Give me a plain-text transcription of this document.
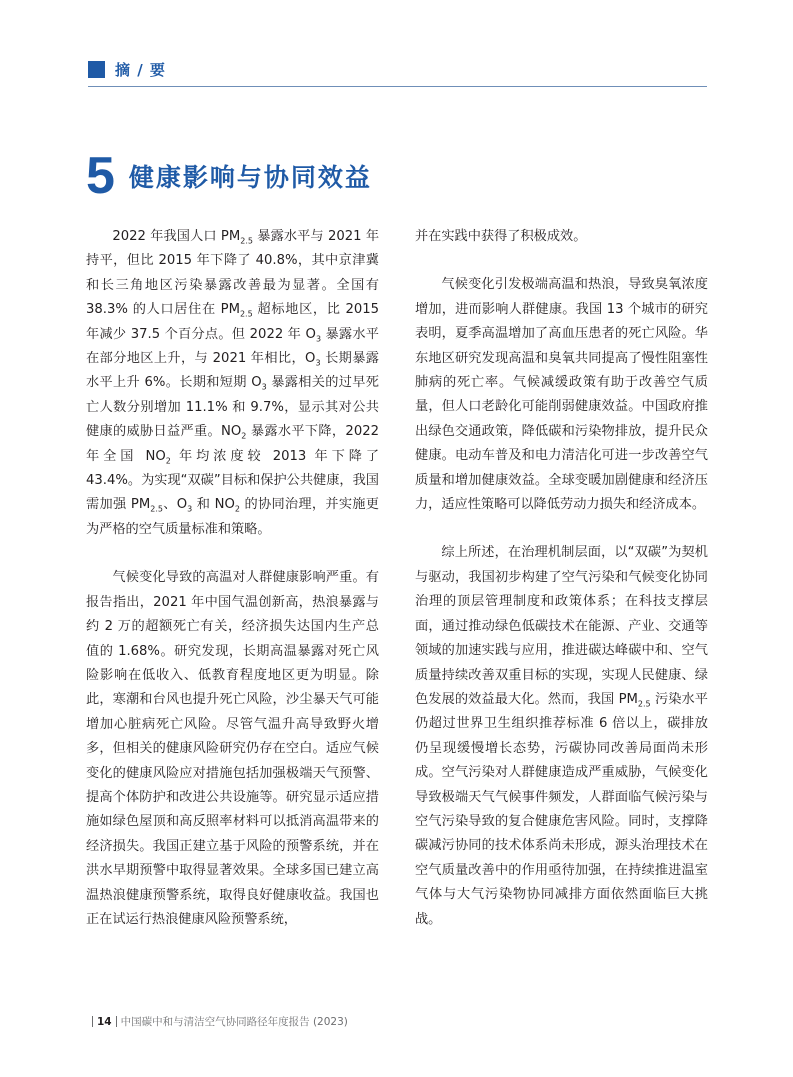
摘 / 要
5 健康影响与协同效益

2022 年我国人口 $PM_{2.5}$ 暴露水平与 2021 年持平，但比 2015 年下降了 40.8%，其中京津冀和长三角地区污染暴露改善最为显著。全国有 38.3% 的人口居住在 $PM_{2.5}$ 超标地区，比 2015 年减少 37.5 个百分点。但 2022 年 $O_3$ 暴露水平在部分地区上升，与 2021 年相比，$O_3$ 长期暴露水平上升 6%。长期和短期 $O_3$ 暴露相关的过早死亡人数分别增加 11.1% 和 9.7%，显示其对公共健康的威胁日益严重。$NO_2$ 暴露水平下降，2022 年全国 $NO_2$ 年均浓度较 2013 年下降了 43.4%。为实现“双碳”目标和保护公共健康，我国需加强 $PM_{2.5}$、$O_3$ 和 $NO_2$ 的协同治理，并实施更为严格的空气质量标准和策略。

气候变化导致的高温对人群健康影响严重。有报告指出，2021 年中国气温创新高，热浪暴露与约 2 万的超额死亡有关，经济损失达国内生产总值的 1.68%。研究发现，长期高温暴露对死亡风险影响在低收入、低教育程度地区更为明显。除此，寒潮和台风也提升死亡风险，沙尘暴天气可能增加心脏病死亡风险。尽管气温升高导致野火增多，但相关的健康风险研究仍存在空白。适应气候变化的健康风险应对措施包括加强极端天气预警、提高个体防护和改进公共设施等。研究显示适应措施如绿色屋顶和高反照率材料可以抵消高温带来的经济损失。我国正建立基于风险的预警系统，并在洪水早期预警中取得显著效果。全球多国已建立高温热浪健康预警系统，取得良好健康收益。我国也正在试运行热浪健康风险预警系统，

并在实践中获得了积极成效。

气候变化引发极端高温和热浪，导致臭氧浓度增加，进而影响人群健康。我国 13 个城市的研究表明，夏季高温增加了高血压患者的死亡风险。华东地区研究发现高温和臭氧共同提高了慢性阻塞性肺病的死亡率。气候减缓政策有助于改善空气质量，但人口老龄化可能削弱健康效益。中国政府推出绿色交通政策，降低碳和污染物排放，提升民众健康。电动车普及和电力清洁化可进一步改善空气质量和增加健康效益。全球变暖加剧健康和经济压力，适应性策略可以降低劳动力损失和经济成本。

综上所述，在治理机制层面，以“双碳”为契机与驱动，我国初步构建了空气污染和气候变化协同治理的顶层管理制度和政策体系；在科技支撑层面，通过推动绿色低碳技术在能源、产业、交通等领域的加速实践与应用，推进碳达峰碳中和、空气质量持续改善双重目标的实现，实现人民健康、绿色发展的效益最大化。然而，我国 $PM_{2.5}$ 污染水平仍超过世界卫生组织推荐标准 6 倍以上，碳排放仍呈现缓慢增长态势，污碳协同改善局面尚未形成。空气污染对人群健康造成严重威胁，气候变化导致极端天气气候事件频发，人群面临气候污染与空气污染导致的复合健康危害风险。同时，支撑降碳减污协同的技术体系尚未形成，源头治理技术在空气质量改善中的作用亟待加强，在持续推进温室气体与大气污染物协同减排方面依然面临巨大挑战。

14 中国碳中和与清洁空气协同路径年度报告 (2023)
